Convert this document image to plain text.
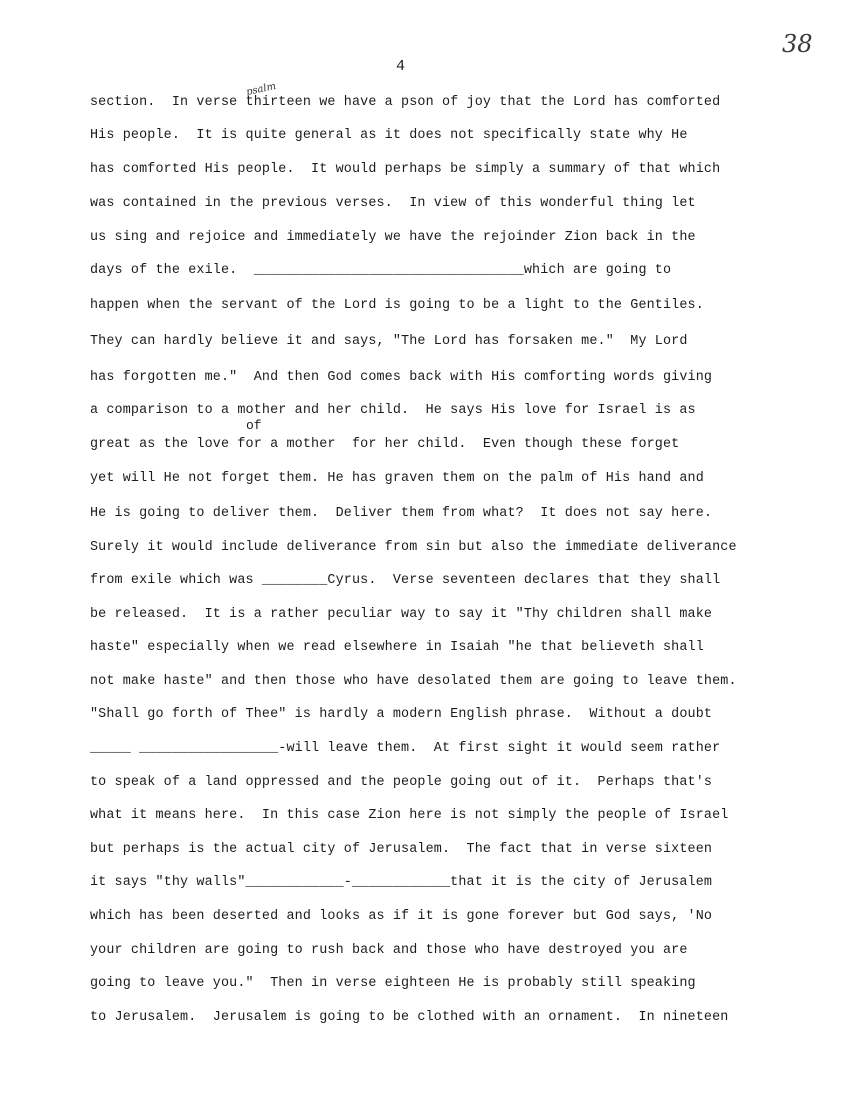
4
38
psalm
of
section.  In verse thirteen we have a pson of joy that the Lord has comforted
His people.  It is quite general as it does not specifically state why He
has comforted His people.  It would perhaps be simply a summary of that which
was contained in the previous verses.  In view of this wonderful thing let
us sing and rejoice and immediately we have the rejoinder Zion back in the
days of the exile.  _________________________________which are going to
happen when the servant of the Lord is going to be a light to the Gentiles.
They can hardly believe it and says, "The Lord has forsaken me."  My Lord
has forgotten me."  And then God comes back with His comforting words giving
a comparison to a mother and her child.  He says His love for Israel is as
great as the love for a mother  for her child.  Even though these forget
yet will He not forget them. He has graven them on the palm of His hand and
He is going to deliver them.  Deliver them from what?  It does not say here.
Surely it would include deliverance from sin but also the immediate deliverance
from exile which was ________Cyrus.  Verse seventeen declares that they shall
be released.  It is a rather peculiar way to say it "Thy children shall make
haste" especially when we read elsewhere in Isaiah "he that believeth shall
not make haste" and then those who have desolated them are going to leave them.
"Shall go forth of Thee" is hardly a modern English phrase.  Without a doubt
_____ _________________-will leave them.  At first sight it would seem rather
to speak of a land oppressed and the people going out of it.  Perhaps that's
what it means here.  In this case Zion here is not simply the people of Israel
but perhaps is the actual city of Jerusalem.  The fact that in verse sixteen
it says "thy walls"____________-____________that it is the city of Jerusalem
which has been deserted and looks as if it is gone forever but God says, 'No
your children are going to rush back and those who have destroyed you are
going to leave you."  Then in verse eighteen He is probably still speaking
to Jerusalem.  Jerusalem is going to be clothed with an ornament.  In nineteen
